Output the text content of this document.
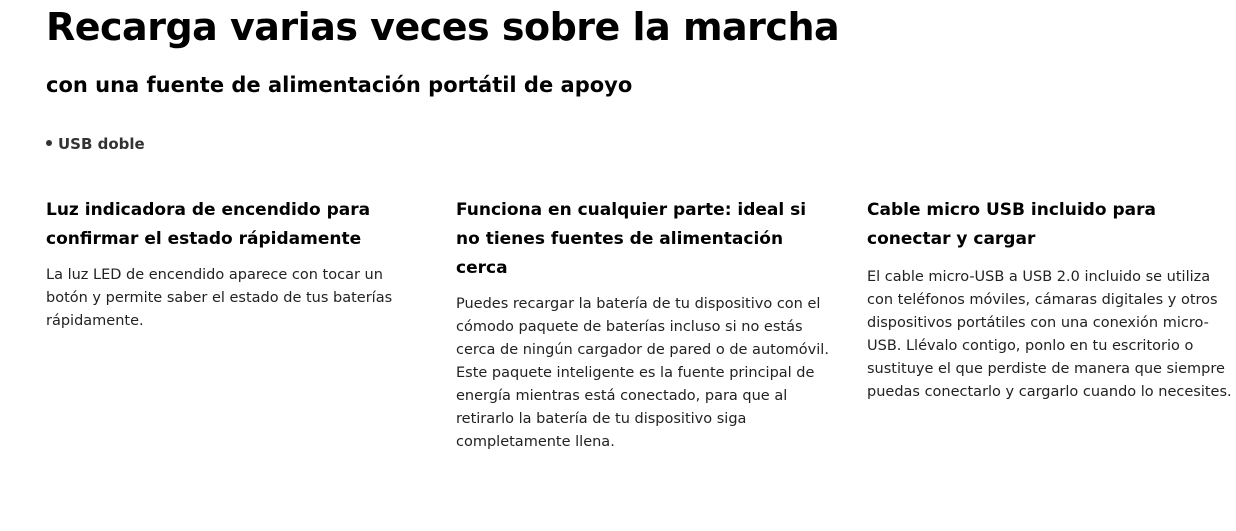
Recarga varias veces sobre la marcha
con una fuente de alimentación portátil de apoyo
USB doble
Luz indicadora de encendido para confirmar el estado rápidamente

La luz LED de encendido aparece con tocar un botón y permite saber el estado de tus baterías rápidamente.

Funciona en cualquier parte: ideal si no tienes fuentes de alimentación cerca

Puedes recargar la batería de tu dispositivo con el cómodo paquete de baterías incluso si no estás cerca de ningún cargador de pared o de automóvil. Este paquete inteligente es la fuente principal de energía mientras está conectado, para que al retirarlo la batería de tu dispositivo siga completamente llena.

Cable micro USB incluido para conectar y cargar

El cable micro-USB a USB 2.0 incluido se utiliza con teléfonos móviles, cámaras digitales y otros dispositivos portátiles con una conexión micro-USB. Llévalo contigo, ponlo en tu escritorio o sustituye el que perdiste de manera que siempre puedas conectarlo y cargarlo cuando lo necesites.
